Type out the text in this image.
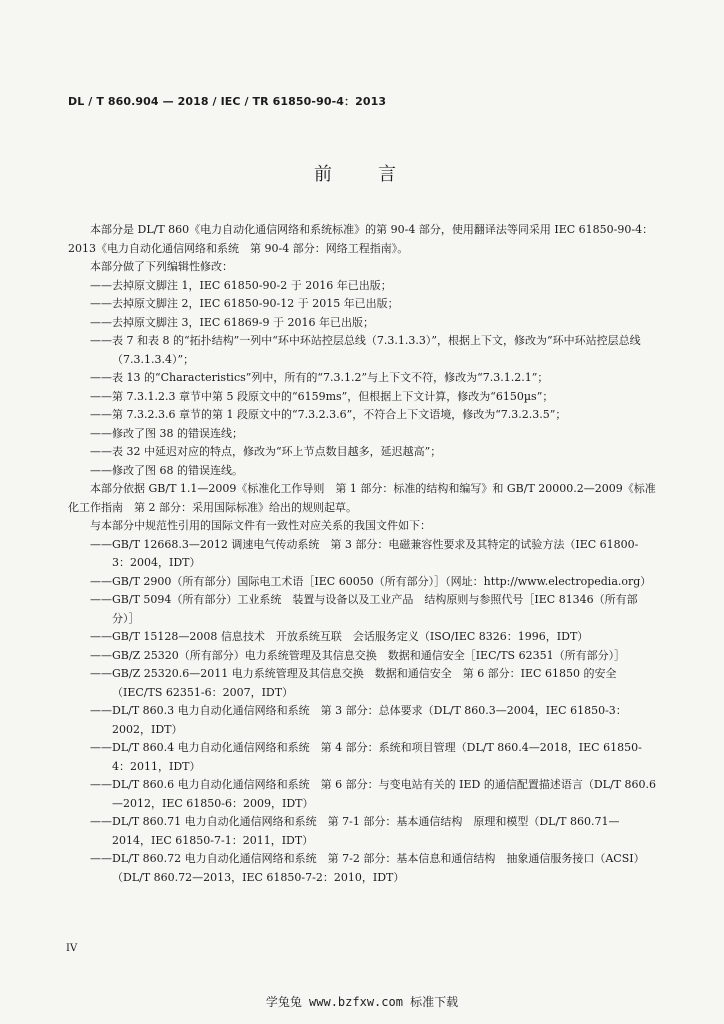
DL / T 860.904 — 2018 / IEC / TR 61850-90-4：2013
前　言

本部分是 DL/T 860《电力自动化通信网络和系统标准》的第 90-4 部分，使用翻译法等同采用 IEC 61850-90-4：2013《电力自动化通信网络和系统　第 90-4 部分：网络工程指南》。

本部分做了下列编辑性修改：

——去掉原文脚注 1，IEC 61850-90-2 于 2016 年已出版；

——去掉原文脚注 2，IEC 61850-90-12 于 2015 年已出版；

——去掉原文脚注 3，IEC 61869-9 于 2016 年已出版；

——表 7 和表 8 的“拓扑结构”一列中“环中环站控层总线（7.3.1.3.3）”，根据上下文，修改为“环中环站控层总线（7.3.1.3.4）”；

——表 13 的“Characteristics”列中，所有的“7.3.1.2”与上下文不符，修改为“7.3.1.2.1”；

——第 7.3.1.2.3 章节中第 5 段原文中的“6159ms”，但根据上下文计算，修改为“6150µs”；

——第 7.3.2.3.6 章节的第 1 段原文中的“7.3.2.3.6”，不符合上下文语境，修改为“7.3.2.3.5”；

——修改了图 38 的错误连线；

——表 32 中延迟对应的特点，修改为“环上节点数目越多，延迟越高”；

——修改了图 68 的错误连线。

本部分依据 GB/T 1.1—2009《标准化工作导则　第 1 部分：标准的结构和编写》和 GB/T 20000.2—2009《标准化工作指南　第 2 部分：采用国际标准》给出的规则起草。

与本部分中规范性引用的国际文件有一致性对应关系的我国文件如下：

——GB/T 12668.3—2012 调速电气传动系统　第 3 部分：电磁兼容性要求及其特定的试验方法（IEC 61800-3：2004，IDT）

——GB/T 2900（所有部分）国际电工术语［IEC 60050（所有部分）］（网址：http://www.electropedia.org）

——GB/T 5094（所有部分）工业系统　装置与设备以及工业产品　结构原则与参照代号［IEC 81346（所有部分）］

——GB/T 15128—2008 信息技术　开放系统互联　会话服务定义（ISO/IEC 8326：1996，IDT）

——GB/Z 25320（所有部分）电力系统管理及其信息交换　数据和通信安全［IEC/TS 62351（所有部分）］

——GB/Z 25320.6—2011 电力系统管理及其信息交换　数据和通信安全　第 6 部分：IEC 61850 的安全（IEC/TS 62351-6：2007，IDT）

——DL/T 860.3 电力自动化通信网络和系统　第 3 部分：总体要求（DL/T 860.3—2004，IEC 61850-3：2002，IDT）

——DL/T 860.4 电力自动化通信网络和系统　第 4 部分：系统和项目管理（DL/T 860.4—2018，IEC 61850-4：2011，IDT）

——DL/T 860.6 电力自动化通信网络和系统　第 6 部分：与变电站有关的 IED 的通信配置描述语言（DL/T 860.6—2012，IEC 61850-6：2009，IDT）

——DL/T 860.71 电力自动化通信网络和系统　第 7-1 部分：基本通信结构　原理和模型（DL/T 860.71—2014，IEC 61850-7-1：2011，IDT）

——DL/T 860.72 电力自动化通信网络和系统　第 7-2 部分：基本信息和通信结构　抽象通信服务接口（ACSI）（DL/T 860.72—2013，IEC 61850-7-2：2010，IDT）

IV
学兔兔 www.bzfxw.com 标准下载
